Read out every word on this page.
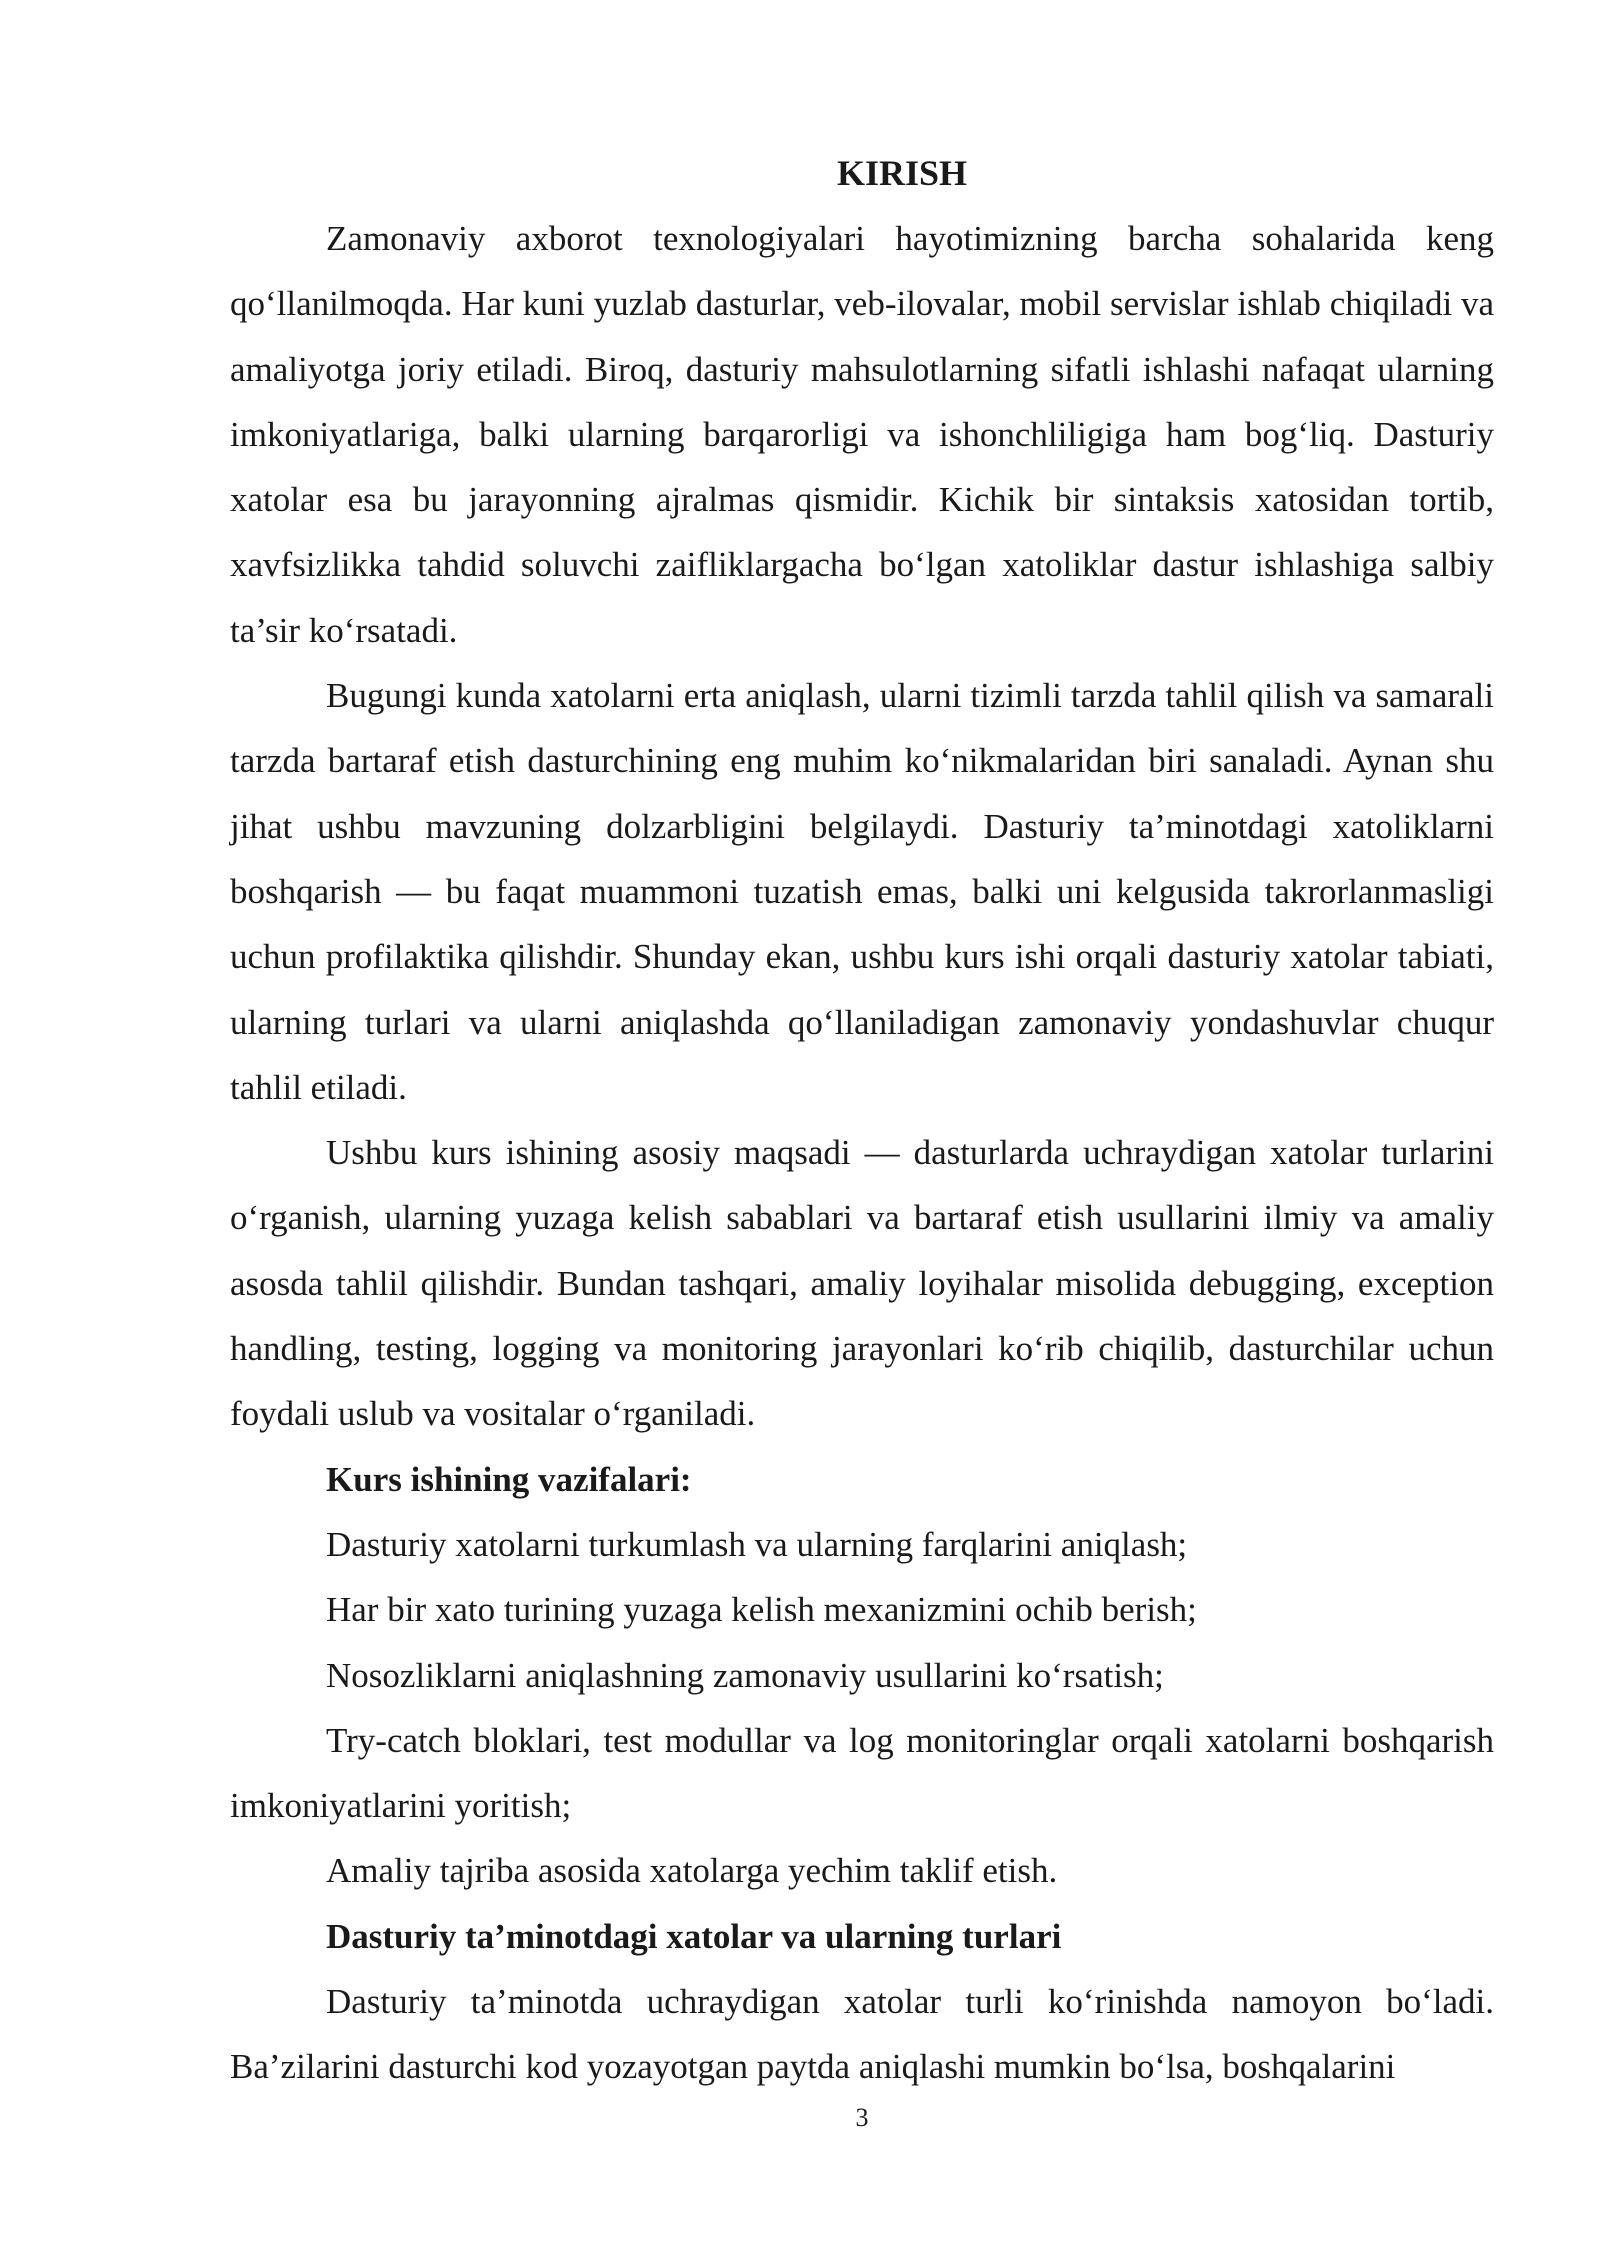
KIRISH

Zamonaviy axborot texnologiyalari hayotimizning barcha sohalarida keng qo‘llanilmoqda. Har kuni yuzlab dasturlar, veb-ilovalar, mobil servislar ishlab chiqiladi va amaliyotga joriy etiladi. Biroq, dasturiy mahsulotlarning sifatli ishlashi nafaqat ularning imkoniyatlariga, balki ularning barqarorligi va ishonchliligiga ham bog‘liq. Dasturiy xatolar esa bu jarayonning ajralmas qismidir. Kichik bir sintaksis xatosidan tortib, xavfsizlikka tahdid soluvchi zaifliklargacha bo‘lgan xatoliklar dastur ishlashiga salbiy ta’sir ko‘rsatadi.

Bugungi kunda xatolarni erta aniqlash, ularni tizimli tarzda tahlil qilish va samarali tarzda bartaraf etish dasturchining eng muhim ko‘nikmalaridan biri sanaladi. Aynan shu jihat ushbu mavzuning dolzarbligini belgilaydi. Dasturiy ta’minotdagi xatoliklarni boshqarish — bu faqat muammoni tuzatish emas, balki uni kelgusida takrorlanmasligi uchun profilaktika qilishdir. Shunday ekan, ushbu kurs ishi orqali dasturiy xatolar tabiati, ularning turlari va ularni aniqlashda qo‘llaniladigan zamonaviy yondashuvlar chuqur tahlil etiladi.

Ushbu kurs ishining asosiy maqsadi — dasturlarda uchraydigan xatolar turlarini o‘rganish, ularning yuzaga kelish sabablari va bartaraf etish usullarini ilmiy va amaliy asosda tahlil qilishdir. Bundan tashqari, amaliy loyihalar misolida debugging, exception handling, testing, logging va monitoring jarayonlari ko‘rib chiqilib, dasturchilar uchun foydali uslub va vositalar o‘rganiladi.

Kurs ishining vazifalari:

Dasturiy xatolarni turkumlash va ularning farqlarini aniqlash;

Har bir xato turining yuzaga kelish mexanizmini ochib berish;

Nosozliklarni aniqlashning zamonaviy usullarini ko‘rsatish;

Try-catch bloklari, test modullar va log monitoringlar orqali xatolarni boshqarish imkoniyatlarini yoritish;

Amaliy tajriba asosida xatolarga yechim taklif etish.

Dasturiy ta’minotdagi xatolar va ularning turlari

Dasturiy ta’minotda uchraydigan xatolar turli ko‘rinishda namoyon bo‘ladi. Ba’zilarini dasturchi kod yozayotgan paytda aniqlashi mumkin bo‘lsa, boshqalarini

3
